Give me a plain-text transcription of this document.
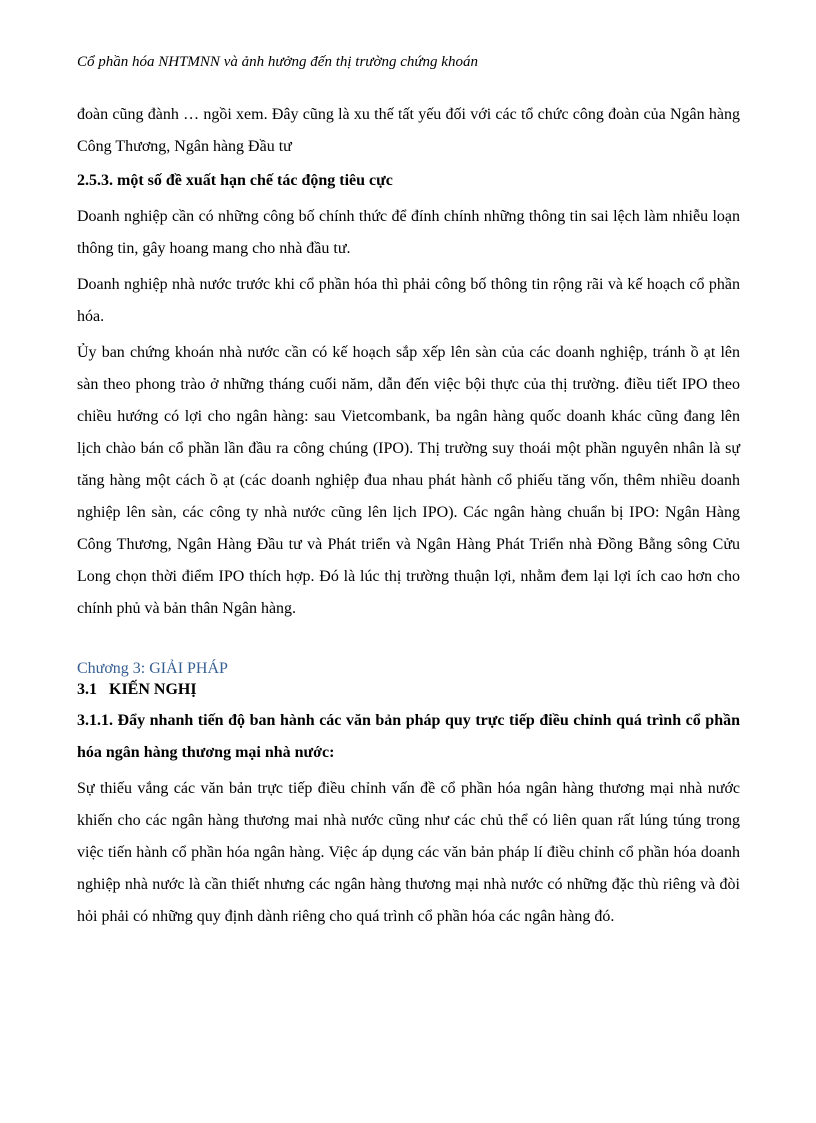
Cổ phần hóa NHTMNN và ảnh hưởng đến thị trường chứng khoán

đoàn cũng đành … ngồi xem. Đây cũng là xu thế tất yếu đối với các tổ chức công đoàn của Ngân hàng Công Thương, Ngân hàng Đầu tư

2.5.3. một số đề xuất hạn chế tác động tiêu cực

Doanh nghiệp cần có những công bố chính thức để đính chính những thông tin sai lệch làm nhiễu loạn thông tin, gây hoang mang cho nhà đầu tư.

Doanh nghiệp nhà nước trước khi cổ phần hóa thì phải công bố thông tin rộng rãi và kế hoạch cổ phần hóa.

Ủy ban chứng khoán nhà nước cần có kế hoạch sắp xếp lên sàn của các doanh nghiệp, tránh ồ ạt lên sàn theo phong trào ở những tháng cuối năm, dẫn đến việc bội thực của thị trường. điều tiết IPO theo chiều hướng có lợi cho ngân hàng: sau Vietcombank, ba ngân hàng quốc doanh khác cũng đang lên lịch chào bán cổ phần lần đầu ra công chúng (IPO). Thị trường suy thoái một phần nguyên nhân là sự tăng hàng một cách ồ ạt (các doanh nghiệp đua nhau phát hành cổ phiếu tăng vốn, thêm nhiều doanh nghiệp lên sàn, các công ty nhà nước cũng lên lịch IPO). Các ngân hàng chuẩn bị IPO: Ngân Hàng Công Thương, Ngân Hàng Đầu tư và Phát triển và Ngân Hàng Phát Triển nhà Đồng Bằng sông Cửu Long chọn thời điểm IPO thích hợp. Đó là lúc thị trường thuận lợi, nhằm đem lại lợi ích cao hơn cho chính phủ và bản thân Ngân hàng.

Chương 3: GIẢI PHÁP

3.1   KIẾN NGHỊ

3.1.1. Đẩy nhanh tiến độ ban hành các văn bản pháp quy trực tiếp điều chỉnh quá trình cổ phần hóa ngân hàng thương mại nhà nước:

Sự thiếu vắng các văn bản trực tiếp điều chỉnh vấn đề cổ phần hóa ngân hàng thương mại nhà nước khiến cho các ngân hàng thương mai nhà nước cũng như các chủ thể có liên quan rất lúng túng trong việc tiến hành cổ phần hóa ngân hàng. Việc áp dụng các văn bản pháp lí điều chỉnh cổ phần hóa doanh nghiệp nhà nước là cần thiết nhưng các ngân hàng thương mại nhà nước có những đặc thù riêng và đòi hỏi phải có những quy định dành riêng cho quá trình cổ phần hóa các ngân hàng đó.
